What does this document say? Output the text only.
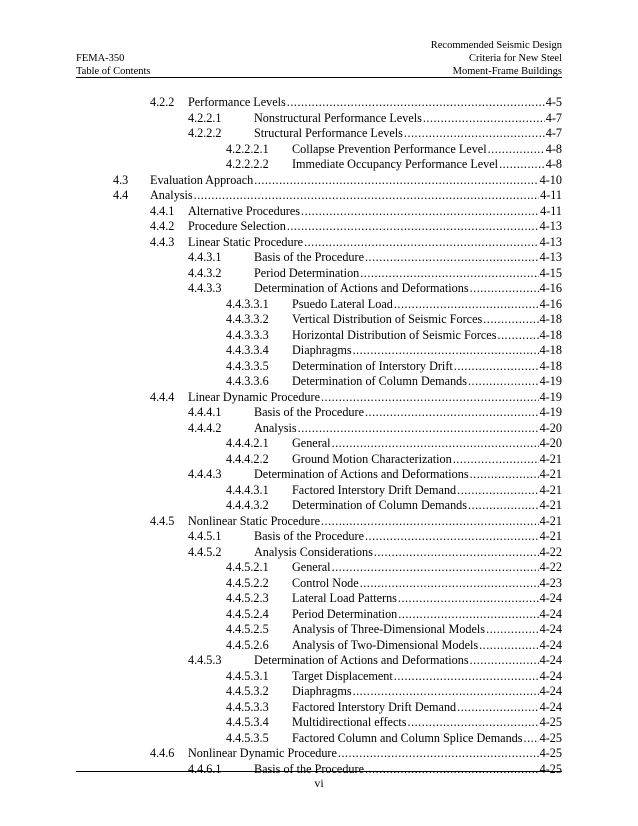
FEMA-350
Table of Contents
Recommended Seismic Design
Criteria for New Steel
Moment-Frame Buildings
4.2.2 Performance Levels .....	4-5
4.2.2.1	Nonstructural Performance Levels .....	4-7
4.2.2.2	Structural Performance Levels .....	4-7
4.2.2.2.1 Collapse Prevention Performance Level .....	4-8
4.2.2.2.2 Immediate Occupancy Performance Level .....	4-8
4.3 Evaluation Approach .....	4-10
4.4 Analysis .....	4-11
4.4.1 Alternative Procedures .....	4-11
4.4.2 Procedure Selection .....	4-13
4.4.3 Linear Static Procedure .....	4-13
4.4.3.1	Basis of the Procedure .....	4-13
4.4.3.2	Period Determination .....	4-15
4.4.3.3	Determination of Actions and Deformations .....	4-16
4.4.3.3.1 Psuedo Lateral Load .....	4-16
4.4.3.3.2 Vertical Distribution of Seismic Forces .....	4-18
4.4.3.3.3 Horizontal Distribution of Seismic Forces .....	4-18
4.4.3.3.4 Diaphragms .....	4-18
4.4.3.3.5 Determination of Interstory Drift .....	4-18
4.4.3.3.6 Determination of Column Demands .....	4-19
4.4.4 Linear Dynamic Procedure .....	4-19
4.4.4.1	Basis of the Procedure .....	4-19
4.4.4.2	Analysis .....	4-20
4.4.4.2.1 General .....	4-20
4.4.4.2.2 Ground Motion Characterization .....	4-21
4.4.4.3	Determination of Actions and Deformations .....	4-21
4.4.4.3.1 Factored Interstory Drift Demand .....	4-21
4.4.4.3.2 Determination of Column Demands .....	4-21
4.4.5 Nonlinear Static Procedure .....	4-21
4.4.5.1	Basis of the Procedure .....	4-21
4.4.5.2	Analysis Considerations .....	4-22
4.4.5.2.1 General .....	4-22
4.4.5.2.2 Control Node .....	4-23
4.4.5.2.3 Lateral Load Patterns .....	4-24
4.4.5.2.4 Period Determination .....	4-24
4.4.5.2.5 Analysis of Three-Dimensional Models .....	4-24
4.4.5.2.6 Analysis of Two-Dimensional Models .....	4-24
4.4.5.3	Determination of Actions and Deformations .....	4-24
4.4.5.3.1 Target Displacement .....	4-24
4.4.5.3.2 Diaphragms .....	4-24
4.4.5.3.3 Factored Interstory Drift Demand .....	4-24
4.4.5.3.4 Multidirectional effects .....	4-25
4.4.5.3.5 Factored Column and Column Splice Demands ..... 4-25
4.4.6 Nonlinear Dynamic Procedure .....	4-25
4.4.6.1	Basis of the Procedure .....	4-25
vi
